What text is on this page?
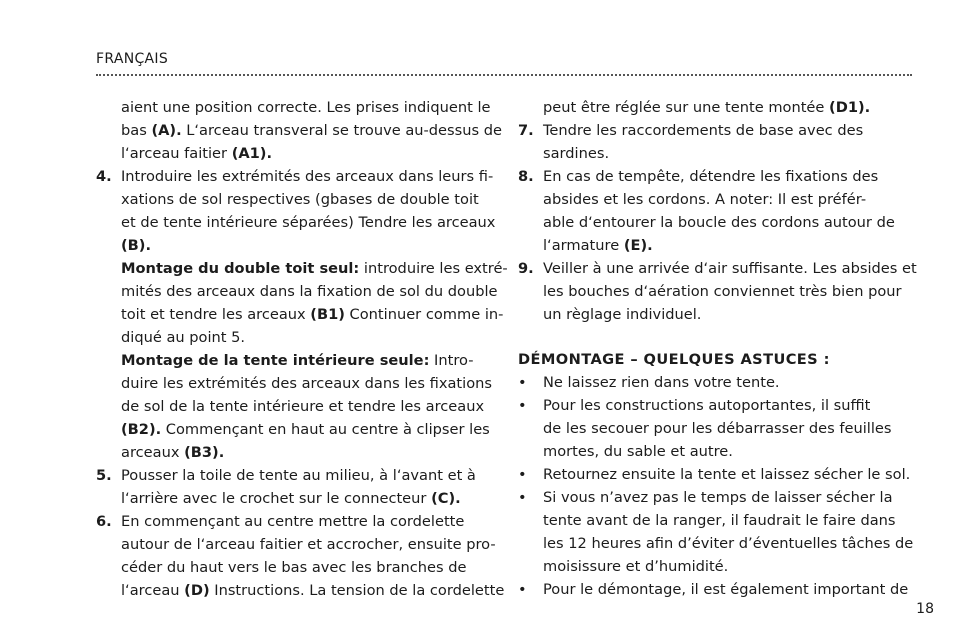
FRANÇAIS
aient une position correcte. Les prises indiquent le
bas (A). L‘arceau transveral se trouve au-dessus de
l‘arceau faitier (A1).
4. Introduire les extrémités des arceaux dans leurs fi-
xations de sol respectives (gbases de double toit
et de tente intérieure séparées) Tendre les arceaux
(B).
Montage du double toit seul: introduire les extré-
mités des arceaux dans la fixation de sol du double
toit et tendre les arceaux (B1) Continuer comme in-
diqué au point 5.
Montage de la tente intérieure seule: Intro-
duire les extrémités des arceaux dans les fixations
de sol de la tente intérieure et tendre les arceaux
(B2). Commençant en haut au centre à clipser les
arceaux (B3).
5. Pousser la toile de tente au milieu, à l‘avant et à
l‘arrière avec le crochet sur le connecteur (C).
6. En commençant au centre mettre la cordelette
autour de l‘arceau faitier et accrocher, ensuite pro-
céder du haut vers le bas avec les branches de
l‘arceau (D) Instructions. La tension de la cordelette
peut être réglée sur une tente montée (D1).
7. Tendre les raccordements de base avec des
sardines.
8. En cas de tempête, détendre les fixations des
absides et les cordons. A noter: Il est préfér-
able d‘entourer la boucle des cordons autour de
l‘armature (E).
9. Veiller à une arrivée d‘air suffisante. Les absides et
les bouches d‘aération conviennet très bien pour
un règlage individuel.
DÉMONTAGE – QUELQUES ASTUCES :
• Ne laissez rien dans votre tente.
• Pour les constructions autoportantes, il suffit
de les secouer pour les débarrasser des feuilles
mortes, du sable et autre.
• Retournez ensuite la tente et laissez sécher le sol.
• Si vous n’avez pas le temps de laisser sécher la
tente avant de la ranger, il faudrait le faire dans
les 12 heures afin d’éviter d’éventuelles tâches de
moisissure et d’humidité.
• Pour le démontage, il est également important de
18
